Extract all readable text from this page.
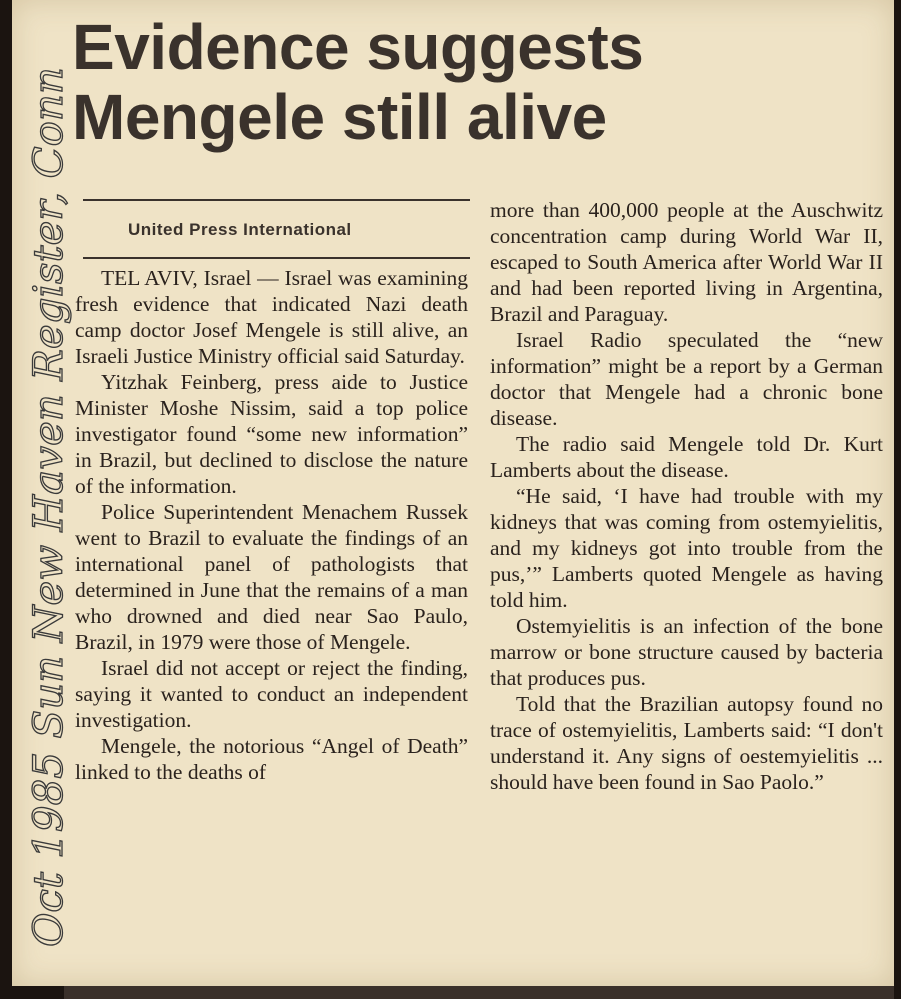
Evidence suggests
Mengele still alive
United Press International

TEL AVIV, Israel — Israel was examining fresh evidence that indicated Nazi death camp doctor Josef Mengele is still alive, an Israeli Justice Ministry official said Saturday.

Yitzhak Feinberg, press aide to Justice Minister Moshe Nissim, said a top police investigator found “some new information” in Brazil, but declined to disclose the nature of the information.

Police Superintendent Menachem Russek went to Brazil to evaluate the findings of an international panel of pathologists that determined in June that the remains of a man who drowned and died near Sao Paulo, Brazil, in 1979 were those of Mengele.

Israel did not accept or reject the finding, saying it wanted to conduct an independent investigation.

Mengele, the notorious “Angel of Death” linked to the deaths of

more than 400,000 people at the Auschwitz concentration camp during World War II, escaped to South America after World War II and had been reported living in Argentina, Brazil and Paraguay.

Israel Radio speculated the “new information” might be a report by a German doctor that Mengele had a chronic bone disease.

The radio said Mengele told Dr. Kurt Lamberts about the disease.

“He said, ‘I have had trouble with my kidneys that was coming from ostemyielitis, and my kidneys got into trouble from the pus,’” Lamberts quoted Mengele as having told him.

Ostemyielitis is an infection of the bone marrow or bone structure caused by bacteria that produces pus.

Told that the Brazilian autopsy found no trace of ostemyielitis, Lamberts said: “I don't understand it. Any signs of oestemyielitis ... should have been found in Sao Paolo.”

Oct 1985 Sun New Haven Register, Conn
